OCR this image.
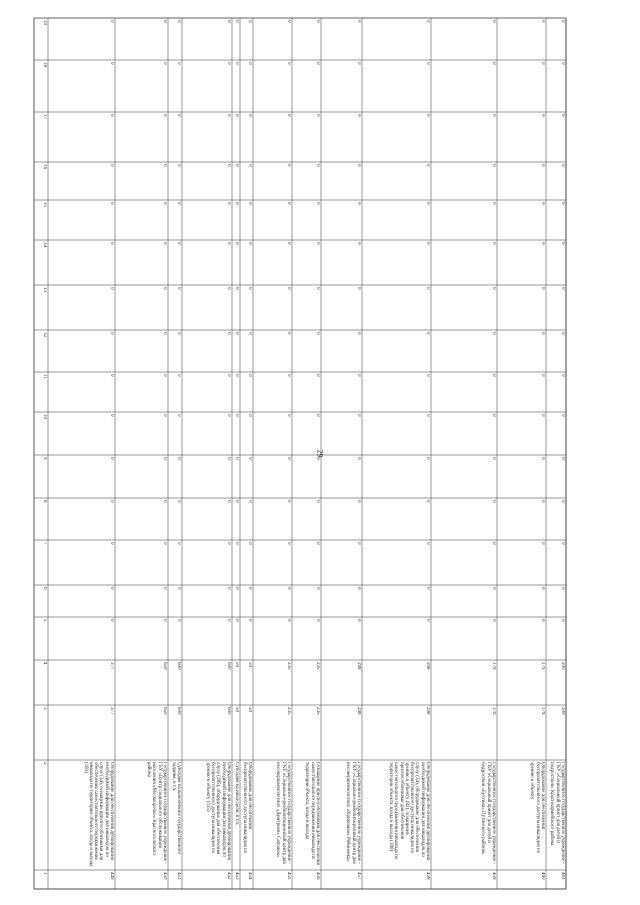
29
19
18
17
16
15
14
13
12
11
10
9
8
7
6
5
4
3
2
1
0
0
0
0
0
0
0
0
0
0
0
0
0
0
0
377
377
Оборудование для обеспечения дублирования необходимой информации для инвалидов по слуху (34), оснащение приспособлениями для обеспечения самостоятельного передвижения инвалида по территории объекта, входа и выхода (183)
449
0
0
0
0
0
0
0
0
0
0
0
0
0
0
0
650
650
Государственное государственное учреждение - ГБУ «Центр социального обслуживания населения «Москворечье» Красносельского района
450
0
0
0
0
0
0
0
0
0
0
0
0
0
0
0
600
600
Субсидия на выполнение государственного задания, в т.ч.
451
0
0
0
0
0
0
0
0
0
0
0
0
0
0
0
600
600
Оборудование для обеспечения дублирования необходимой информации для инвалидов по слуху (285), оборудование для обеспечения беспрепятственного доступа инвалидов по зрению к объекту (315)
452
0
0
0
0
0
0
0
0
0
0
0
0
0
0
0
50
50
Субсидия на иные цели, в т.ч.
453
0
0
0
0
0
0
0
0
0
0
0
0
0
0
0
50
50
Оборудование для обеспечения беспрепятственного доступа инвалидов по
454
0
0
0
0
0
0
0
0
0
0
0
0
0
0
0
235
235
Государственное государственное учреждение - ГКУ «Социально-реабилитационный центр для несовершеннолетних «Дмитриев» Сапожок»
455
0
0
0
0
0
0
0
0
0
0
0
0
0
0
0
235
235
Оснащение приспособлениями для обеспечения самостоятельного передвижения инвалида по территории объекта, входа и выхода
456
0
0
0
0
0
0
0
0
0
0
0
0
0
0
0
298
298
Государственное государственное учреждение - ГКУ «Социально-реабилитационный центр для несовершеннолетних «Кривошеи» Рябиновка»
457
0
0
0
0
0
0
0
0
0
0
0
0
0
0
0
298
298
Оборудование для обеспечения дублирования необходимой информации для инвалидов по слуху (34), оборудование для обеспечения беспрепятственного доступа инвалидов по зрению к объекту (82), оснащение приспособлениями для обеспечения самостоятельного передвижения инвалида по территории объекта, входа и выхода (180)
458
0
0
0
0
0
0
0
0
0
0
0
0
0
0
0
179
179
Государственное государственное учреждение - ГКУ «Социальный приют для детей и подростков «Бухтина» Путинского района»
459
0
0
0
0
0
0
0
0
0
0
0
0
0
0
0
179
179
Оборудование для обеспечения беспрепятственного доступа инвалидов по зрению к объекту
460
0
0
0
0
0
0
0
0
0
0
0
0
0
0
0
200
200
Государственное государственное учреждение - ГКУ «Социальный приют для детей и подростков» Красноармейского района
461
